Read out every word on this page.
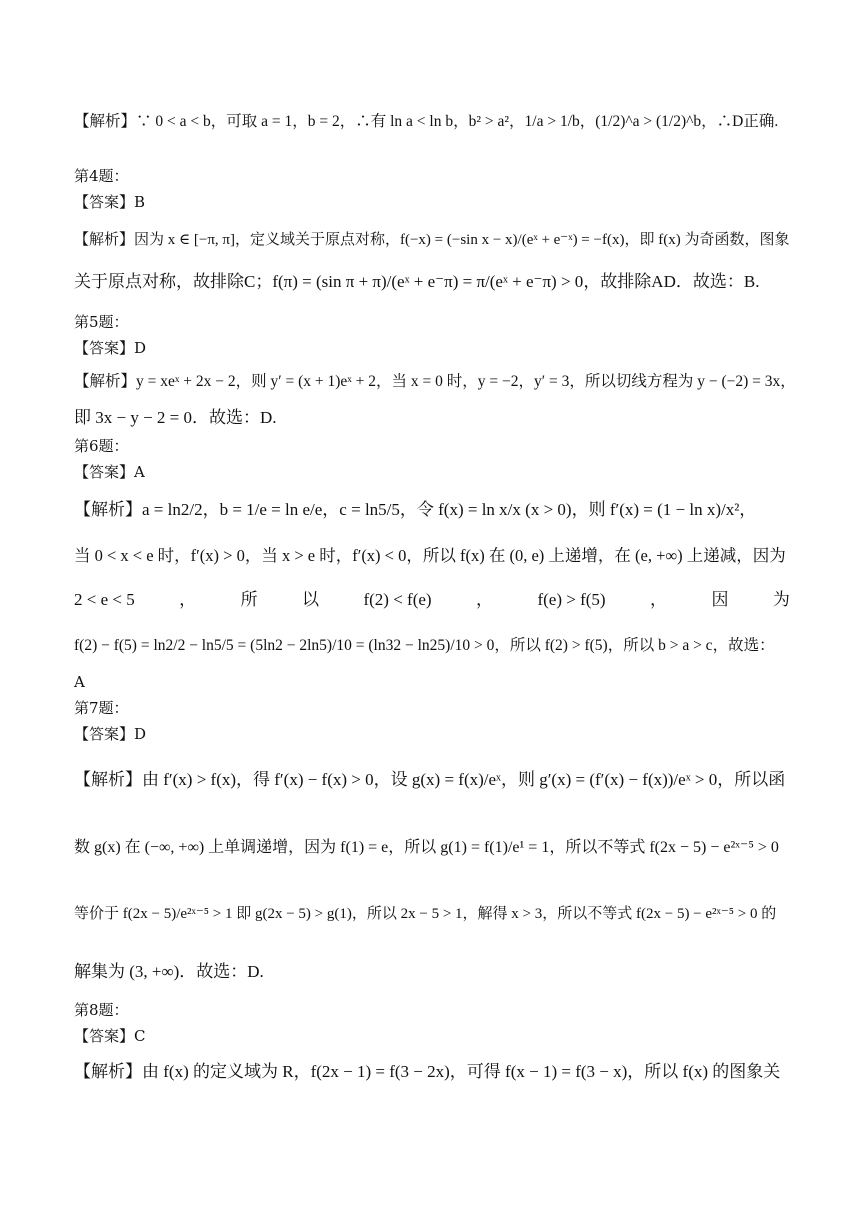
【解析】∵ 0 < a < b，可取 a = 1，b = 2，∴有 ln a < ln b，b² > a²，1/a > 1/b，(1/2)^a > (1/2)^b，∴D正确.
第4题：
【答案】B
【解析】因为 x ∈ [−π, π]，定义域关于原点对称，f(−x) = (−sin x − x)/(eˣ + e⁻ˣ) = −f(x)，即 f(x) 为奇函数，图象
关于原点对称，故排除C；f(π) = (sin π + π)/(eˣ + e⁻π) = π/(eˣ + e⁻π) > 0，故排除AD．故选：B.
第5题：
【答案】D
【解析】y = xeˣ + 2x − 2，则 y′ = (x + 1)eˣ + 2，当 x = 0 时，y = −2，y′ = 3，所以切线方程为 y − (−2) = 3x，
即 3x − y − 2 = 0．故选：D.
第6题：
【答案】A
【解析】a = ln2/2，b = 1/e = ln e/e，c = ln5/5，令 f(x) = ln x/x (x > 0)，则 f′(x) = (1 − ln x)/x²，
当 0 < x < e 时，f′(x) > 0，当 x > e 时，f′(x) < 0，所以 f(x) 在 (0, e) 上递增，在 (e, +∞) 上递减，因为
2 < e < 5	，	所	以	f(2) < f(e)	，	f(e) > f(5)	，	因	为
f(2) − f(5) = ln2/2 − ln5/5 = (5ln2 − 2ln5)/10 = (ln32 − ln25)/10 > 0，所以 f(2) > f(5)，所以 b > a > c，故选：
A
第7题：
【答案】D
【解析】由 f′(x) > f(x)，得 f′(x) − f(x) > 0，设 g(x) = f(x)/eˣ，则 g′(x) = (f′(x) − f(x))/eˣ > 0，所以函
数 g(x) 在 (−∞, +∞) 上单调递增，因为 f(1) = e，所以 g(1) = f(1)/e¹ = 1，所以不等式 f(2x − 5) − e²ˣ⁻⁵ > 0
等价于 f(2x − 5)/e²ˣ⁻⁵ > 1 即 g(2x − 5) > g(1)，所以 2x − 5 > 1，解得 x > 3，所以不等式 f(2x − 5) − e²ˣ⁻⁵ > 0 的
解集为 (3, +∞)．故选：D.
第8题：
【答案】C
【解析】由 f(x) 的定义域为 R，f(2x − 1) = f(3 − 2x)，可得 f(x − 1) = f(3 − x)，所以 f(x) 的图象关
